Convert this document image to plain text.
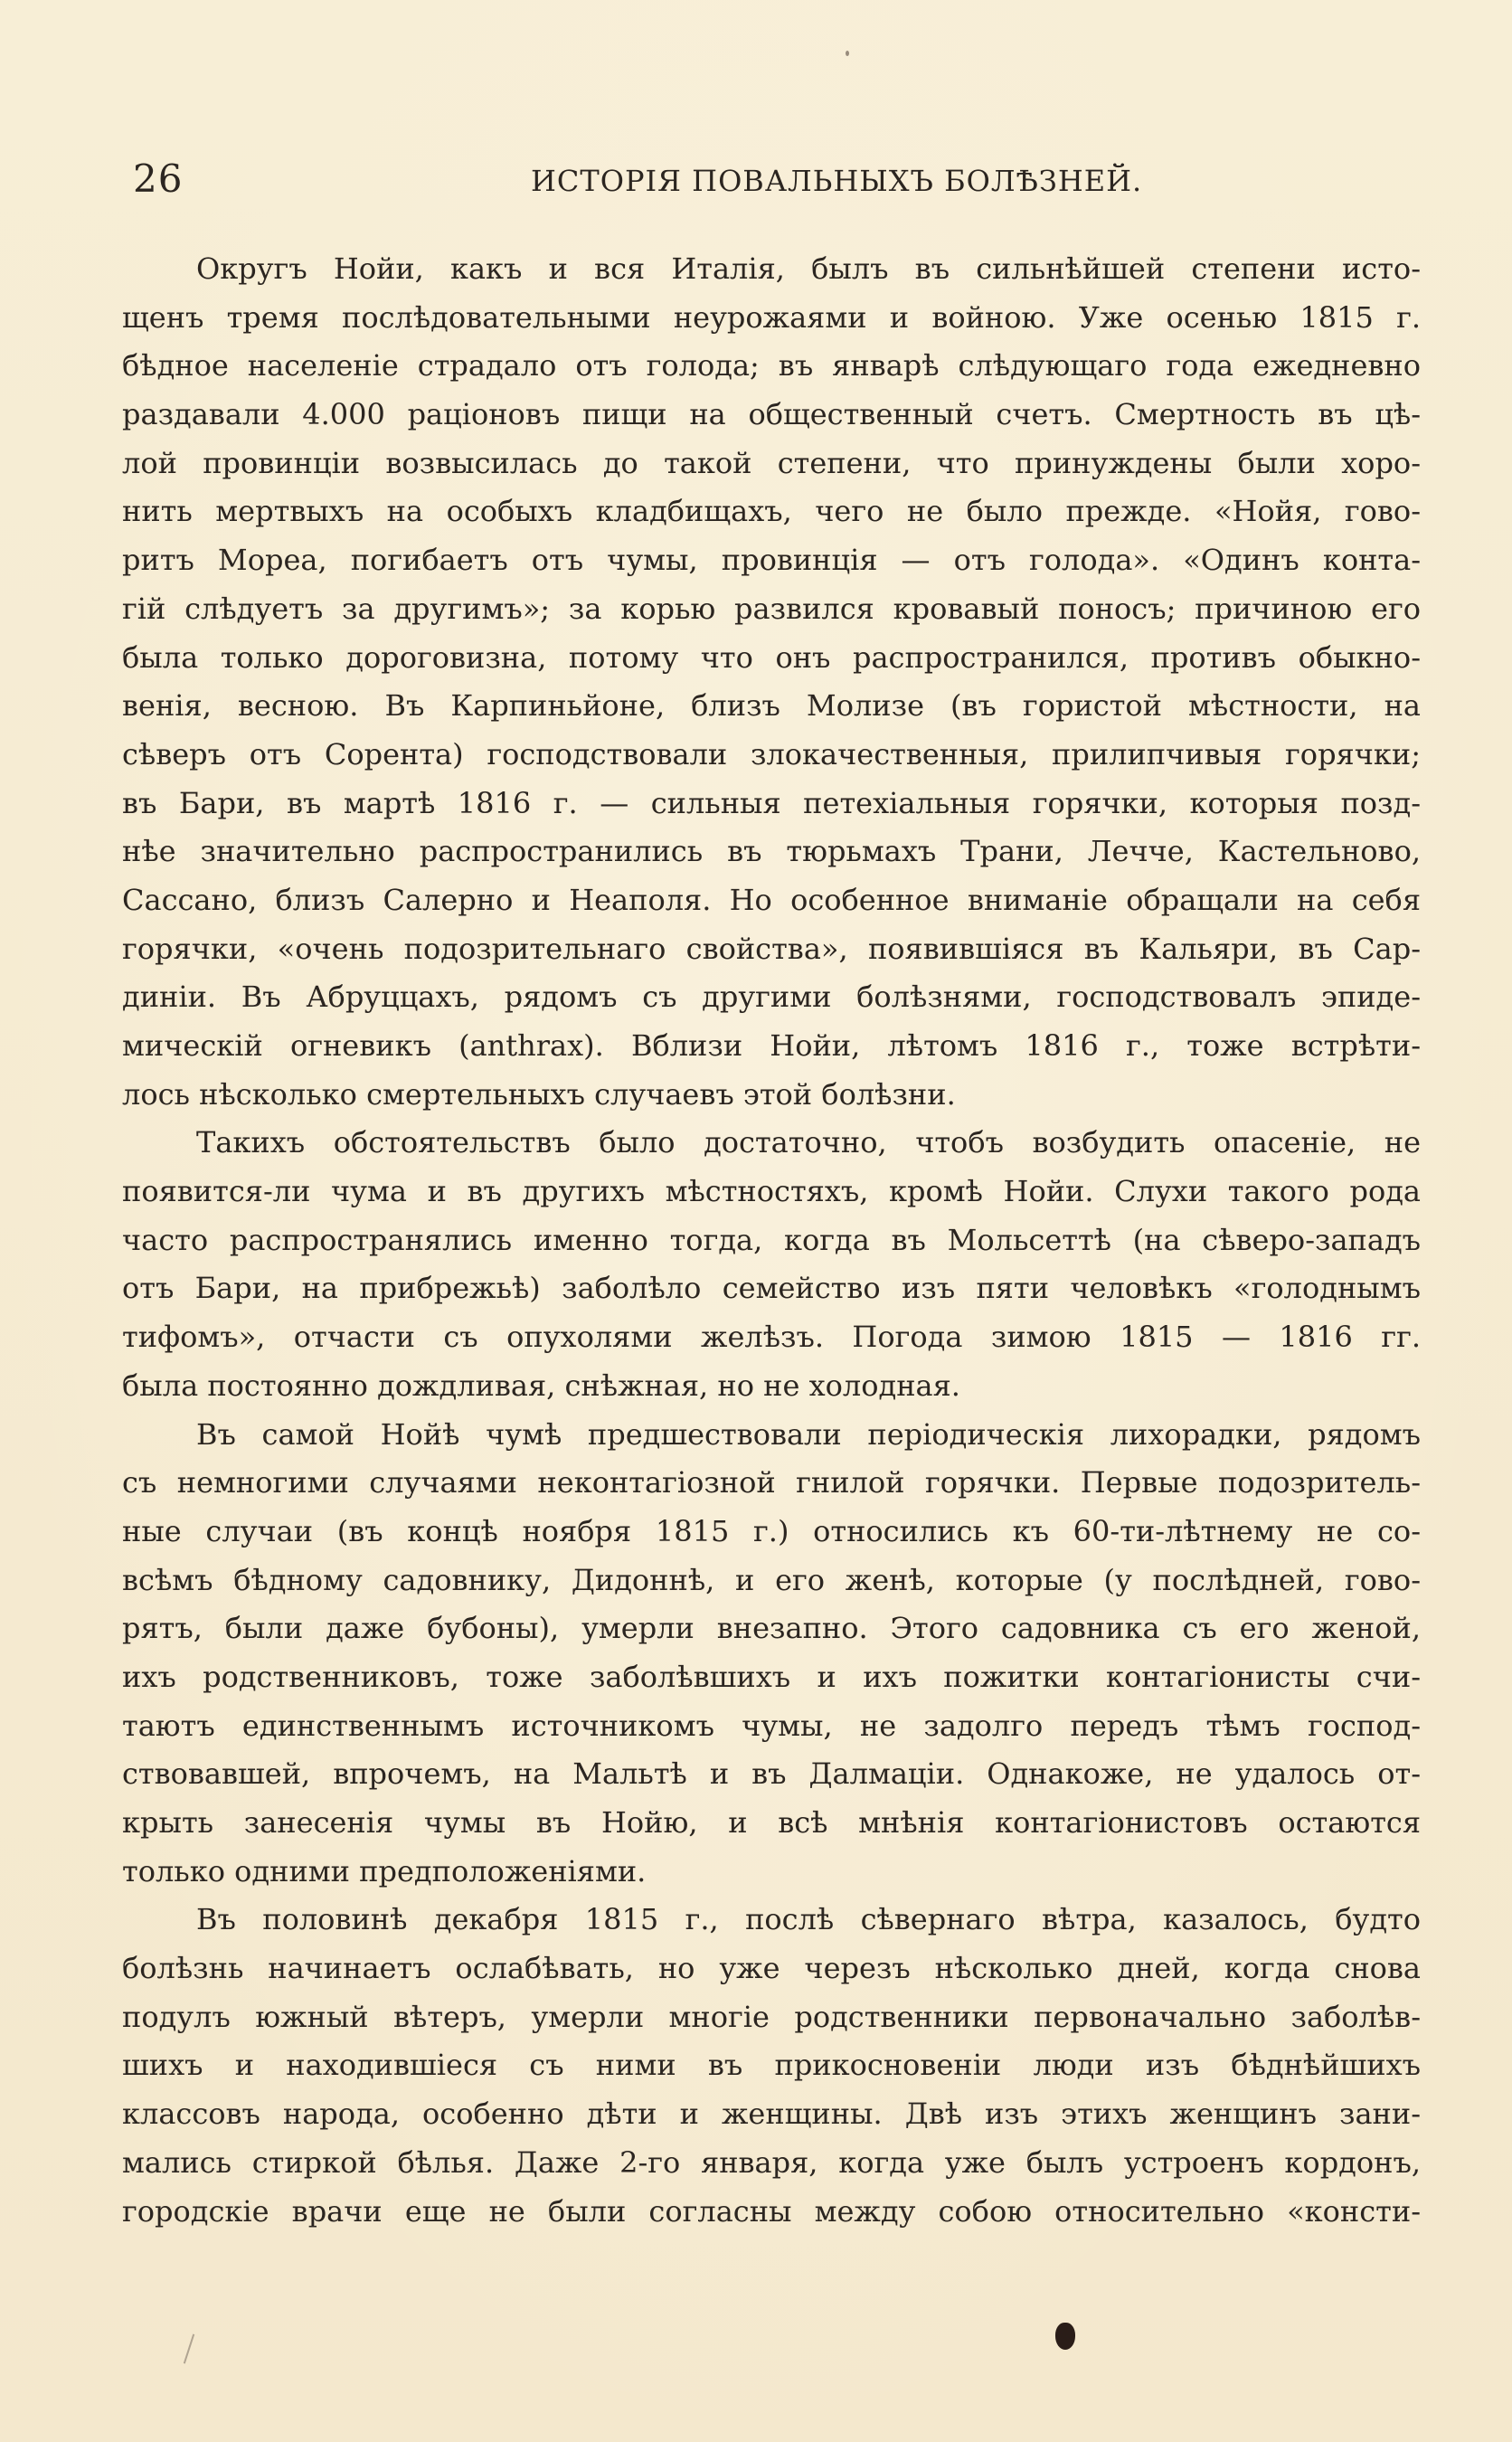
26	ИСТОРІЯ ПОВАЛЬНЫХЪ БОЛѢЗНЕЙ.
Округъ Нойи, какъ и вся Италія, былъ въ сильнѣйшей степени исто-
щенъ тремя послѣдовательными неурожаями и войною. Уже осенью 1815 г.
бѣдное населеніе страдало отъ голода; въ январѣ слѣдующаго года ежедневно
раздавали 4.000 раціоновъ пищи на общественный счетъ. Смертность въ цѣ-
лой провинціи возвысилась до такой степени, что принуждены были хоро-
нить мертвыхъ на особыхъ кладбищахъ, чего не было прежде. «Нойя, гово-
ритъ Морea, погибаетъ отъ чумы, провинція — отъ голода». «Одинъ конта-
гій слѣдуетъ за другимъ»; за корью развился кровавый поносъ; причиною его
была только дороговизна, потому что онъ распространился, противъ обыкно-
венія, весною. Въ Карпиньйоне, близъ Молизе (въ гористой мѣстности, на
сѣверъ отъ Сорента) господствовали злокачественныя, прилипчивыя горячки;
въ Бари, въ мартѣ 1816 г. — сильныя петехіальныя горячки, которыя позд-
нѣе значительно распространились въ тюрьмахъ Трани, Лечче, Кастельново,
Сассано, близъ Салерно и Неаполя. Но особенное вниманіе обращали на себя
горячки, «очень подозрительнаго свойства», появившіяся въ Кальяри, въ Сар-
диніи. Въ Абруццахъ, рядомъ съ другими болѣзнями, господствовалъ эпиде-
мическій огневикъ (anthrax). Вблизи Нойи, лѣтомъ 1816 г., тоже встрѣти-
лось нѣсколько смертельныхъ случаевъ этой болѣзни.
Такихъ обстоятельствъ было достаточно, чтобъ возбудить опасеніе, не
появится-ли чума и въ другихъ мѣстностяхъ, кромѣ Нойи. Слухи такого рода
часто распространялись именно тогда, когда въ Мольсеттѣ (на сѣверо-западъ
отъ Бари, на прибрежьѣ) заболѣло семейство изъ пяти человѣкъ «голоднымъ
тифомъ», отчасти съ опухолями желѣзъ. Погода зимою 1815 — 1816 гг.
была постоянно дождливая, снѣжная, но не холодная.
Въ самой Нойѣ чумѣ предшествовали періодическія лихорадки, рядомъ
съ немногими случаями неконтагіозной гнилой горячки. Первые подозритель-
ные случаи (въ концѣ ноября 1815 г.) относились къ 60-ти-лѣтнему не со-
всѣмъ бѣдному садовнику, Дидоннѣ, и его женѣ, которые (у послѣдней, гово-
рятъ, были даже бубоны), умерли внезапно. Этого садовника съ его женой,
ихъ родственниковъ, тоже заболѣвшихъ и ихъ пожитки контагіонисты счи-
таютъ единственнымъ источникомъ чумы, не задолго передъ тѣмъ господ-
ствовавшей, впрочемъ, на Мальтѣ и въ Далмаціи. Однакоже, не удалось от-
крыть занесенія чумы въ Нойю, и всѣ мнѣнія контагіонистовъ остаются
только одними предположеніями.
Въ половинѣ декабря 1815 г., послѣ сѣвернаго вѣтра, казалось, будто
болѣзнь начинаетъ ослабѣвать, но уже черезъ нѣсколько дней, когда снова
подулъ южный вѣтеръ, умерли многіе родственники первоначально заболѣв-
шихъ и находившіеся съ ними въ прикосновеніи люди изъ бѣднѣйшихъ
классовъ народа, особенно дѣти и женщины. Двѣ изъ этихъ женщинъ зани-
мались стиркой бѣлья. Даже 2-го января, когда уже былъ устроенъ кордонъ,
городскіе врачи еще не были согласны между собою относительно «консти-
